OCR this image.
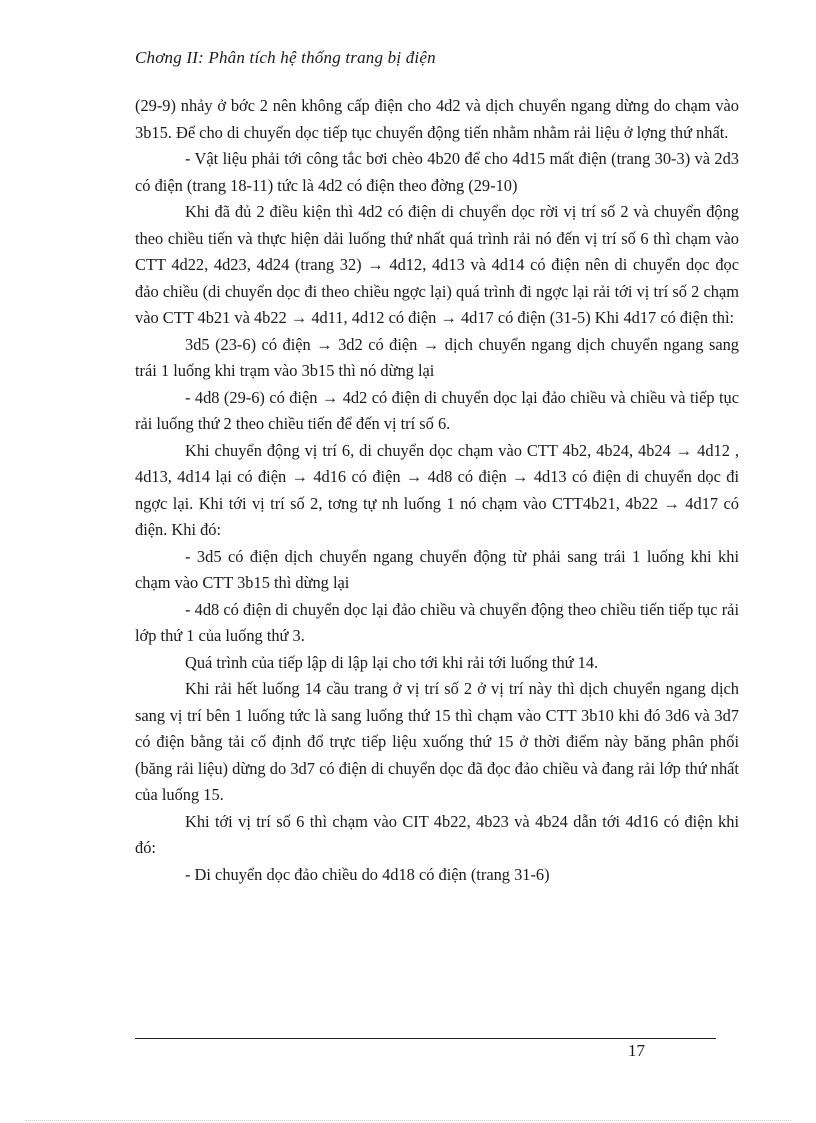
Chơng II: Phân tích hệ thống trang bị điện

(29-9) nhảy ở bớc 2 nên không cấp điện cho 4d2 và dịch chuyển ngang dừng do chạm vào 3b15. Để cho di chuyển dọc tiếp tục chuyển động tiến nhằm nhằm rải liệu ở lợng thứ nhất.

- Vật liệu phải tới công tắc bơi chèo 4b20 để cho 4d15 mất điện (trang 30-3) và 2d3 có điện (trang 18-11) tức là 4d2 có điện theo đờng (29-10)

Khi đã đủ 2 điều kiện thì 4d2 có điện di chuyển dọc rời vị trí số 2 và chuyển động theo chiều tiến và thực hiện dải luống thứ nhất quá trình rải nó đến vị trí số 6 thì chạm vào CTT 4d22, 4d23, 4d24 (trang 32) → 4d12, 4d13 và 4d14 có điện nên di chuyển dọc đọc đảo chiều (di chuyển dọc đi theo chiều ngợc lại) quá trình đi ngợc lại rải tới vị trí số 2 chạm vào CTT 4b21 và 4b22 → 4d11, 4d12 có điện → 4d17 có điện (31-5) Khi 4d17 có điện thì:

3d5 (23-6) có điện → 3d2 có điện → dịch chuyển ngang dịch chuyển ngang sang trái 1 luống khi trạm vào 3b15 thì nó dừng lại

- 4d8 (29-6) có điện → 4d2 có điện di chuyển dọc lại đảo chiều và chiều và tiếp tục rải luống thứ 2 theo chiều tiến để đến vị trí số 6.

Khi chuyển động vị trí 6, di chuyển dọc chạm vào CTT 4b2, 4b24, 4b24 → 4d12 , 4d13, 4d14 lại có điện → 4d16 có điện → 4d8 có điện → 4d13 có điện di chuyển dọc đi ngợc lại. Khi tới vị trí số 2, tơng tự nh luống 1 nó chạm vào CTT4b21, 4b22 → 4d17 có điện. Khi đó:

- 3d5 có điện dịch chuyển ngang chuyển động từ phải sang trái 1 luống khi khi chạm vào CTT 3b15 thì dừng lại

- 4d8 có điện di chuyển dọc lại đảo chiều và chuyển động theo chiều tiến tiếp tục rải lớp thứ 1 của luống thứ 3.

Quá trình của tiếp lập di lập lại cho tới khi rải tới luống thứ 14.

Khi rải hết luống 14 cầu trang ở vị trí số 2 ở vị trí này thì dịch chuyển ngang dịch sang vị trí bên 1 luống tức là sang luống thứ 15 thì chạm vào CTT 3b10 khi đó 3d6 và 3d7 có điện bằng tải cố định đổ trực tiếp liệu xuống thứ 15 ở thời điểm này băng phân phối (băng rải liệu) dừng do 3d7 có điện di chuyển dọc đã đọc đảo chiều và đang rải lớp thứ nhất của luống 15.

Khi tới vị trí số 6 thì chạm vào CIT 4b22, 4b23 và 4b24 dẫn tới 4d16 có điện khi đó:

- Di chuyển dọc đảo chiều do 4d18 có điện (trang 31-6)

17
